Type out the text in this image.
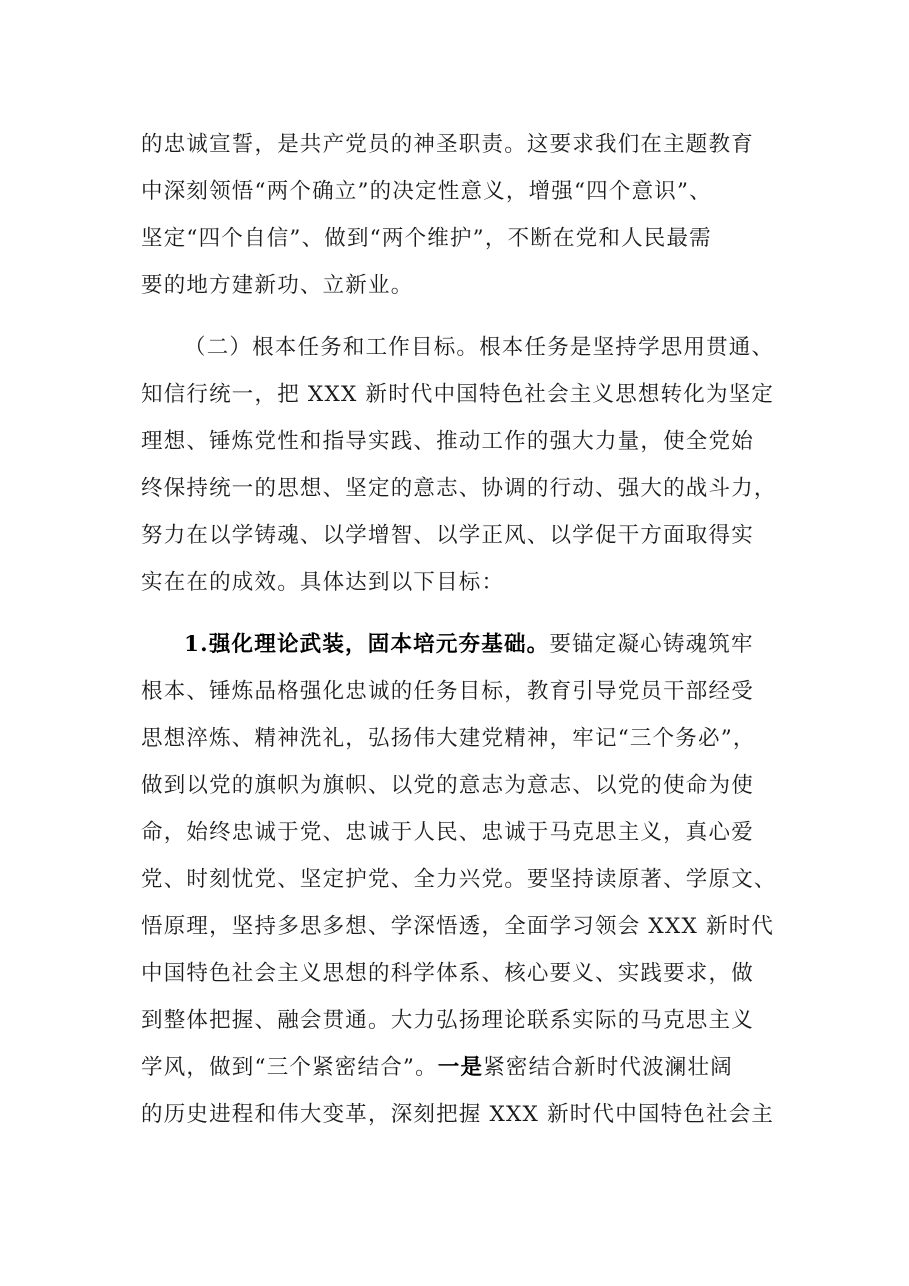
的忠诚宣誓，是共产党员的神圣职责。这要求我们在主题教育
中深刻领悟“两个确立”的决定性意义，增强“四个意识”、
坚定“四个自信”、做到“两个维护”，不断在党和人民最需
要的地方建新功、立新业。
（二）根本任务和工作目标。根本任务是坚持学思用贯通、
知信行统一，把 XXX 新时代中国特色社会主义思想转化为坚定
理想、锤炼党性和指导实践、推动工作的强大力量，使全党始
终保持统一的思想、坚定的意志、协调的行动、强大的战斗力，
努力在以学铸魂、以学增智、以学正风、以学促干方面取得实
实在在的成效。具体达到以下目标：
1.强化理论武装，固本培元夯基础。要锚定凝心铸魂筑牢
根本、锤炼品格强化忠诚的任务目标，教育引导党员干部经受
思想淬炼、精神洗礼，弘扬伟大建党精神，牢记“三个务必”，
做到以党的旗帜为旗帜、以党的意志为意志、以党的使命为使
命，始终忠诚于党、忠诚于人民、忠诚于马克思主义，真心爱
党、时刻忧党、坚定护党、全力兴党。要坚持读原著、学原文、
悟原理，坚持多思多想、学深悟透，全面学习领会 XXX 新时代
中国特色社会主义思想的科学体系、核心要义、实践要求，做
到整体把握、融会贯通。大力弘扬理论联系实际的马克思主义
学风，做到“三个紧密结合”。一是紧密结合新时代波澜壮阔
的历史进程和伟大变革，深刻把握 XXX 新时代中国特色社会主
